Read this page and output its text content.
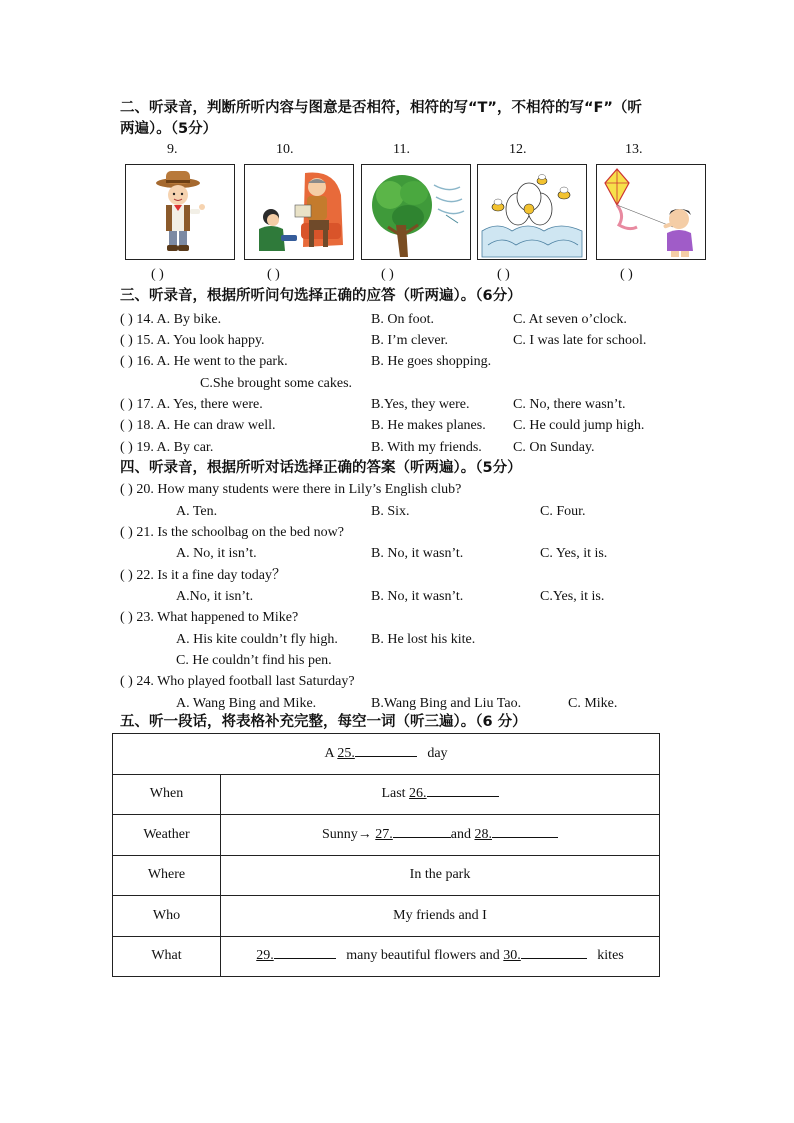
二、听录音，判断所听内容与图意是否相符，相符的写“T”，不相符的写“F”（听
两遍）。（5分）
9.	10.	11.	12.	13.
( )	( )	( )	( )	( )
三、听录音，根据所听问句选择正确的应答（听两遍）。（6分）
( ) 14. A. By bike.	B. On foot.	C. At seven o’clock.
( ) 15. A. You look happy.	B. I’m clever.	C. I was late for school.
( ) 16. A. He went to the park.	B. He goes shopping.
C.She brought some cakes.
( ) 17. A. Yes, there were.	B.Yes, they were.	C. No, there wasn’t.
( ) 18. A. He can draw well.	B. He makes planes. C. He could jump high.
( ) 19. A. By car.	B. With my friends. C. On Sunday.
四、听录音，根据所听对话选择正确的答案（听两遍）。（5分）
( ) 20. How many students were there in Lily’s English club?
A. Ten.	B. Six.	C. Four.
( ) 21. Is the schoolbag on the bed now?
A. No, it isn’t.	B. No, it wasn’t.	C. Yes, it is.
( ) 22. Is it a fine day today？
A.No, it isn’t.	B. No, it wasn’t.	C.Yes, it is.
( ) 23. What happened to Mike?
A. His kite couldn’t fly high. B. He lost his kite.
C. He couldn’t find his pen.
( ) 24. Who played football last Saturday?
A. Wang Bing and Mike.	B.Wang Bing and Liu Tao.	C. Mike.
五、听一段话，将表格补充完整，每空一词（听三遍）。（6 分）
A 25. day	
When	Last 26.
Weather	Sunny→ 27. and 28.
Where	In the park
Who	My friends and I
What	29. many beautiful flowers and 30. kites
